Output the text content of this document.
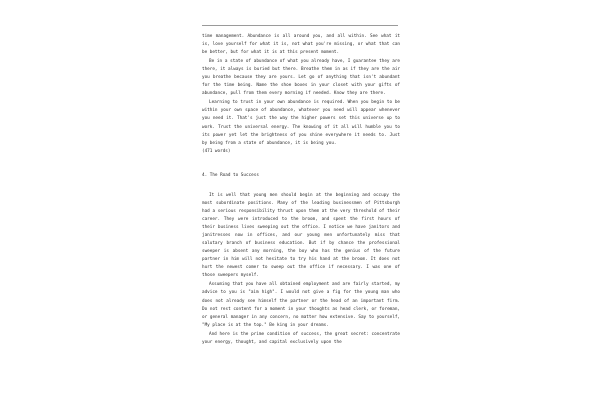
time management. Abundance is all around you, and all within. See what it is, love yourself for what it is, not what you're missing, or what that can be better, but for what it is at this present moment.

Be in a state of abundance of what you already have, I guarantee they are there, it always is buried but there. Breathe them in as if they are the air you breathe because they are yours. Let go of anything that isn't abundant for the time being. Name the shoe boxes in your closet with your gifts of abundance, pull from them every morning if needed. Know they are there.

Learning to trust in your own abundance is required. When you begin to be within your own space of abundance, whatever you need will appear whenever you need it. That's just the way the higher powers set this universe up to work. Trust the universal energy. The knowing of it all will humble you to its power yet let the brightness of you shine everywhere it needs to. Just by being from a state of abundance, it is being you.

(471 words)

4. The Road to Success

It is well that young men should begin at the beginning and occupy the most subordinate positions. Many of the leading businessmen of Pittsburgh had a serious responsibility thrust upon them at the very threshold of their career. They were introduced to the broom, and spent the first hours of their business lives sweeping out the office. I notice we have janitors and janitresses now in offices, and our young men unfortunately miss that salutary branch of business education. But if by chance the professional sweeper is absent any morning, the boy who has the genius of the future partner in him will not hesitate to try his hand at the broom. It does not hurt the newest comer to sweep out the office if necessary. I was one of those sweepers myself.

Assuming that you have all obtained employment and are fairly started, my advice to you is "aim high". I would not give a fig for the young man who does not already see himself the partner or the head of an important firm. Do not rest content for a moment in your thoughts as head clerk, or foreman, or general manager in any concern, no matter how extensive. Say to yourself, "My place is at the top." Be king in your dreams.

And here is the prime condition of success, the great secret: concentrate your energy, thought, and capital exclusively upon the
